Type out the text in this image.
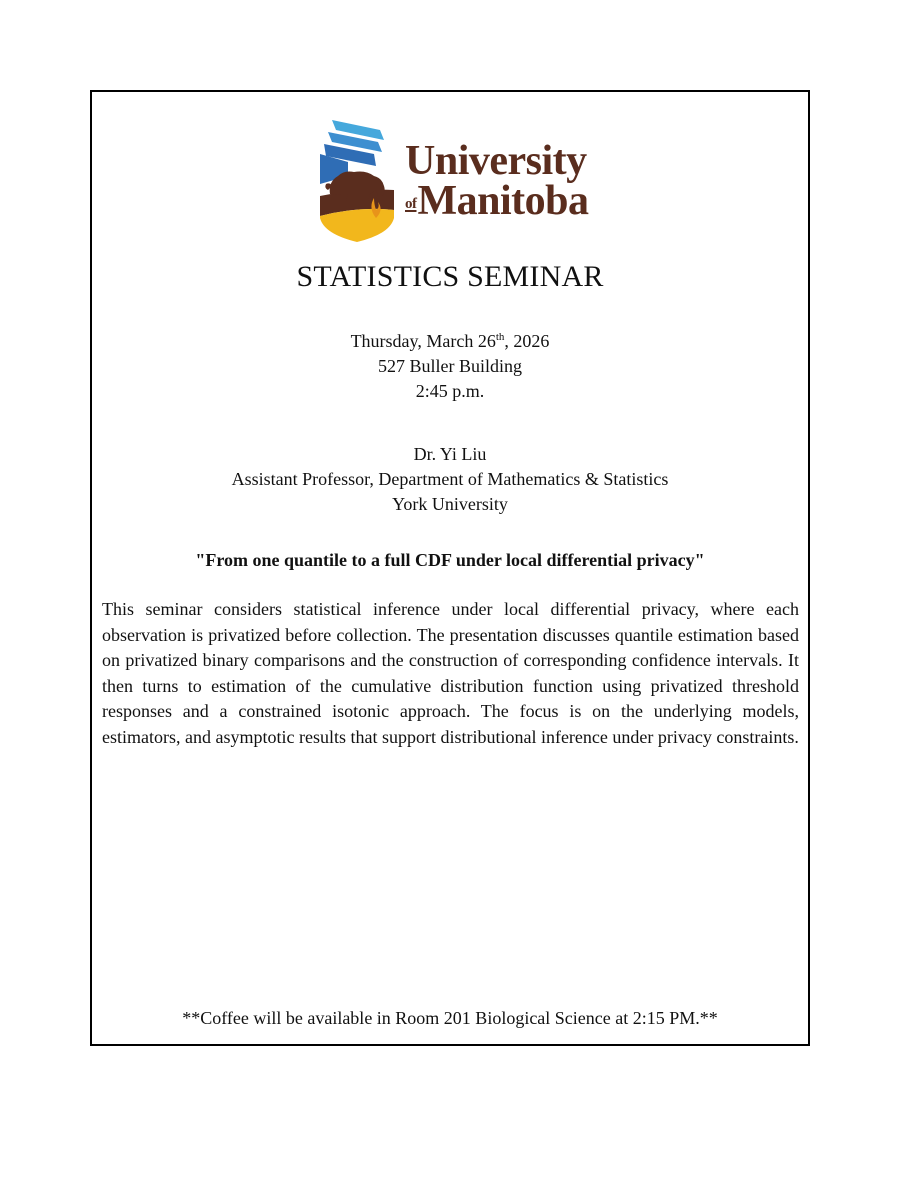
University
ofManitoba
STATISTICS SEMINAR
Thursday, March 26th, 2026
527 Buller Building
2:45 p.m.
Dr. Yi Liu
Assistant Professor, Department of Mathematics & Statistics
York University
"From one quantile to a full CDF under local differential privacy"
This seminar considers statistical inference under local differential privacy, where each observation is privatized before collection. The presentation discusses quantile estimation based on privatized binary comparisons and the construction of corresponding confidence intervals. It then turns to estimation of the cumulative distribution function using privatized threshold responses and a constrained isotonic approach. The focus is on the underlying models, estimators, and asymptotic results that support distributional inference under privacy constraints.
**Coffee will be available in Room 201 Biological Science at 2:15 PM.**
